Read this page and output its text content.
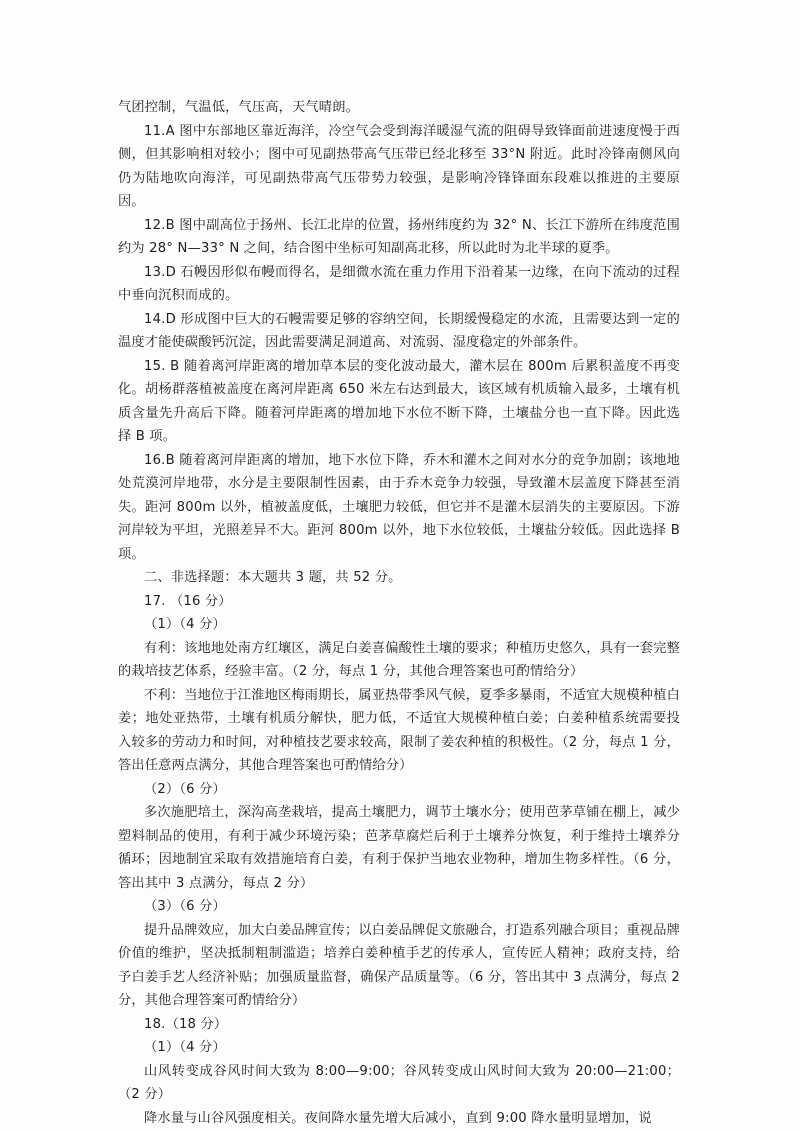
气团控制，气温低，气压高，天气晴朗。

11.A 图中东部地区靠近海洋，冷空气会受到海洋暖湿气流的阻碍导致锋面前进速度慢于西侧，但其影响相对较小；图中可见副热带高气压带已经北移至 33°N 附近。此时冷锋南侧风向仍为陆地吹向海洋，可见副热带高气压带势力较强，是影响冷锋锋面东段难以推进的主要原因。

12.B 图中副高位于扬州、长江北岸的位置，扬州纬度约为 32° N、长江下游所在纬度范围约为 28° N—33° N 之间，结合图中坐标可知副高北移，所以此时为北半球的夏季。

13.D 石幔因形似布幔而得名，是细微水流在重力作用下沿着某一边缘，在向下流动的过程中垂向沉积而成的。

14.D 形成图中巨大的石幔需要足够的容纳空间，长期缓慢稳定的水流，且需要达到一定的温度才能使碳酸钙沉淀，因此需要满足洞道高、对流弱、湿度稳定的外部条件。

15. B 随着离河岸距离的增加草本层的变化波动最大，灌木层在 800m 后累积盖度不再变化。胡杨群落植被盖度在离河岸距离 650 米左右达到最大，该区域有机质输入最多，土壤有机质含量先升高后下降。随着河岸距离的增加地下水位不断下降，土壤盐分也一直下降。因此选择 B 项。

16.B 随着离河岸距离的增加，地下水位下降，乔木和灌木之间对水分的竞争加剧；该地地处荒漠河岸地带，水分是主要限制性因素，由于乔木竞争力较强，导致灌木层盖度下降甚至消失。距河 800m 以外，植被盖度低，土壤肥力较低，但它并不是灌木层消失的主要原因。下游河岸较为平坦，光照差异不大。距河 800m 以外，地下水位较低，土壤盐分较低。因此选择 B 项。

二、非选择题：本大题共 3 题，共 52 分。

17. （16 分）

（1）（4 分）

有利：该地地处南方红壤区，满足白姜喜偏酸性土壤的要求；种植历史悠久，具有一套完整的栽培技艺体系，经验丰富。（2 分，每点 1 分，其他合理答案也可酌情给分）

不利：当地位于江淮地区梅雨期长，属亚热带季风气候，夏季多暴雨，不适宜大规模种植白姜；地处亚热带，土壤有机质分解快，肥力低，不适宜大规模种植白姜；白姜种植系统需要投入较多的劳动力和时间，对种植技艺要求较高，限制了姜农种植的积极性。（2 分，每点 1 分，答出任意两点满分，其他合理答案也可酌情给分）

（2）（6 分）

多次施肥培土，深沟高垄栽培，提高土壤肥力，调节土壤水分；使用芭茅草铺在棚上，减少塑料制品的使用，有利于减少环境污染；芭茅草腐烂后利于土壤养分恢复，利于维持土壤养分循环；因地制宜采取有效措施培育白姜，有利于保护当地农业物种，增加生物多样性。（6 分，答出其中 3 点满分，每点 2 分）

（3）（6 分）

提升品牌效应，加大白姜品牌宣传；以白姜品牌促文旅融合，打造系列融合项目；重视品牌价值的维护，坚决抵制粗制滥造；培养白姜种植手艺的传承人，宣传匠人精神；政府支持，给予白姜手艺人经济补贴；加强质量监督，确保产品质量等。（6 分，答出其中 3 点满分，每点 2 分，其他合理答案可酌情给分）

18.（18 分）

（1）（4 分）

山风转变成谷风时间大致为 8:00—9:00；谷风转变成山风时间大致为 20:00—21:00；（2 分）

降水量与山谷风强度相关。夜间降水量先增大后减小，直到 9:00 降水量明显增加，说
